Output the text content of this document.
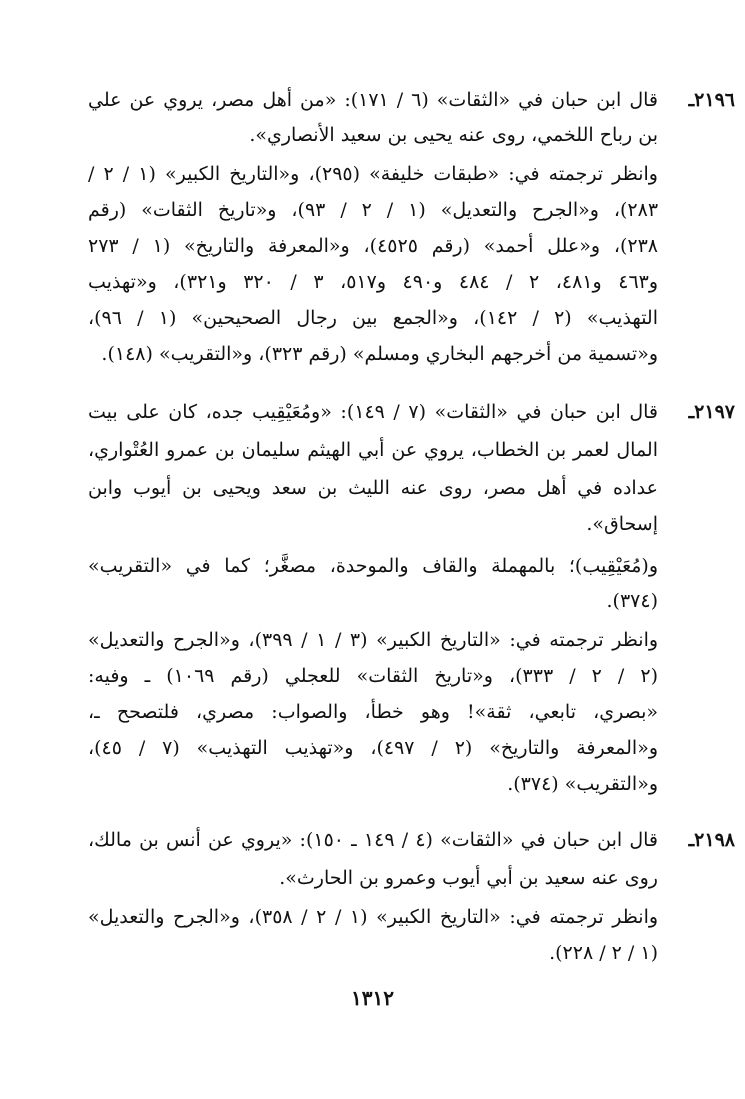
قال ابن حبان في «الثقات» (٦ / ١٧١): «من أهل مصر، يروي عن علي	٢١٩٦ـ
بن رباح اللخمي، روى عنه يحيى بن سعيد الأنصاري».
وانظر ترجمته في: «طبقات خليفة» (٢٩٥)، و«التاريخ الكبير» (١ / ٢ /
٢٨٣)، و«الجرح والتعديل» (١ / ٢ / ٩٣)، و«تاريخ الثقات» (رقم
٢٣٨)، و«علل أحمد» (رقم ٤٥٢٥)، و«المعرفة والتاريخ» (١ / ٢٧٣
و٤٦٣ و٤٨١، ٢ / ٤٨٤ و٤٩٠ و٥١٧، ٣ / ٣٢٠ و٣٢١)، و«تهذيب
التهذيب» (٢ / ١٤٢)، و«الجمع بين رجال الصحيحين» (١ / ٩٦)،
و«تسمية من أخرجهم البخاري ومسلم» (رقم ٣٢٣)، و«التقريب» (١٤٨).
قال ابن حبان في «الثقات» (٧ / ١٤٩): «ومُعَيْقِيب جده، كان على بيت	٢١٩٧ـ
المال لعمر بن الخطاب، يروي عن أبي الهيثم سليمان بن عمرو العُتْواري،
عداده في أهل مصر، روى عنه الليث بن سعد ويحيى بن أيوب وابن
إسحاق».
و(مُعَيْقِيب)؛ بالمهملة والقاف والموحدة، مصغَّر؛ كما في «التقريب»
(٣٧٤).
وانظر ترجمته في: «التاريخ الكبير» (٣ / ١ / ٣٩٩)، و«الجرح والتعديل»
(٢ / ٢ / ٣٣٣)، و«تاريخ الثقات» للعجلي (رقم ١٠٦٩) ـ وفيه:
«بصري، تابعي، ثقة»! وهو خطأ، والصواب: مصري، فلتصحح ـ،
و«المعرفة والتاريخ» (٢ / ٤٩٧)، و«تهذيب التهذيب» (٧ / ٤٥)،
و«التقريب» (٣٧٤).
قال ابن حبان في «الثقات» (٤ / ١٤٩ ـ ١٥٠): «يروي عن أنس بن مالك،	٢١٩٨ـ
روى عنه سعيد بن أبي أيوب وعمرو بن الحارث».
وانظر ترجمته في: «التاريخ الكبير» (١ / ٢ / ٣٥٨)، و«الجرح والتعديل»
(١ / ٢ / ٢٢٨).
١٣١٢
